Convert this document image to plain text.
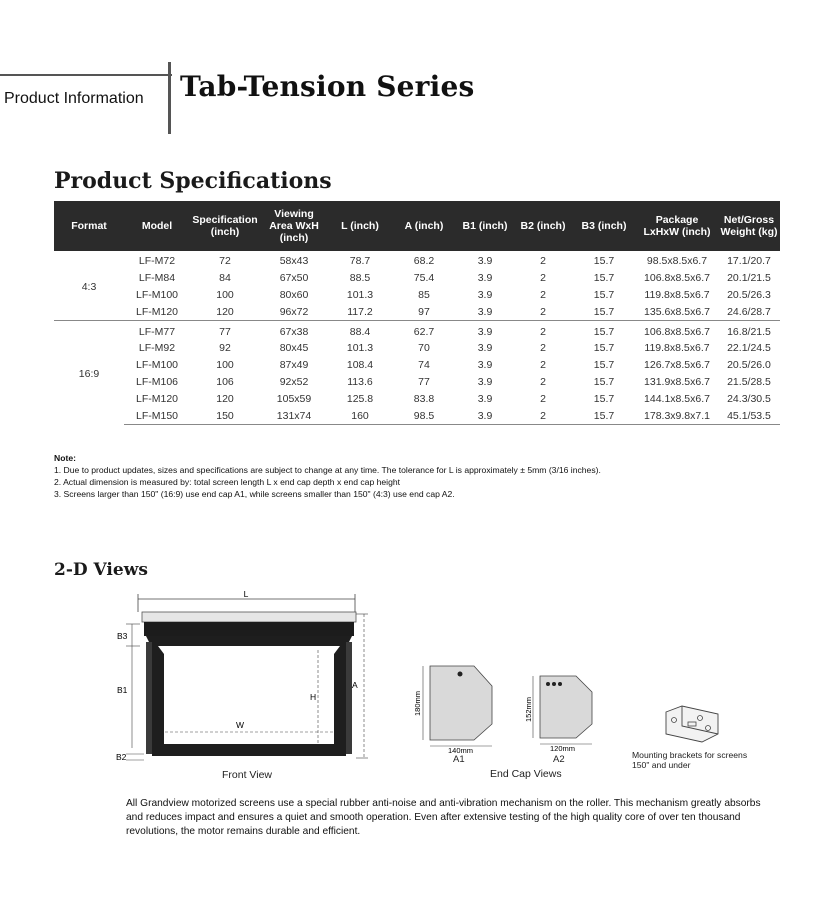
Product Information Tab-Tension Series
Product Specifications
Format	Model	Specification (inch)	Viewing Area WxH (inch)	L (inch)	A (inch)	B1 (inch)	B2 (inch)	B3 (inch)	Package LxHxW (inch)	Net/Gross Weight (kg)
4:3	LF-M72	72	58x43	78.7	68.2	3.9	2	15.7	98.5x8.5x6.7	17.1/20.7
	LF-M84	84	67x50	88.5	75.4	3.9	2	15.7	106.8x8.5x6.7	20.1/21.5
	LF-M100	100	80x60	101.3	85	3.9	2	15.7	119.8x8.5x6.7	20.5/26.3
	LF-M120	120	96x72	117.2	97	3.9	2	15.7	135.6x8.5x6.7	24.6/28.7
16:9	LF-M77	77	67x38	88.4	62.7	3.9	2	15.7	106.8x8.5x6.7	16.8/21.5
	LF-M92	92	80x45	101.3	70	3.9	2	15.7	119.8x8.5x6.7	22.1/24.5
	LF-M100	100	87x49	108.4	74	3.9	2	15.7	126.7x8.5x6.7	20.5/26.0
	LF-M106	106	92x52	113.6	77	3.9	2	15.7	131.9x8.5x6.7	21.5/28.5
	LF-M120	120	105x59	125.8	83.8	3.9	2	15.7	144.1x8.5x6.7	24.3/30.5
	LF-M150	150	131x74	160	98.5	3.9	2	15.7	178.3x9.8x7.1	45.1/53.5
Note:
1. Due to product updates, sizes and specifications are subject to change at any time. The tolerance for L is approximately ± 5mm (3/16 inches).
2. Actual dimension is measured by: total screen length L x end cap depth x end cap height
3. Screens larger than 150" (16:9) use end cap A1, while screens smaller than 150" (4:3) use end cap A2.
2-D Views
L
B3
B1
B2
W
H
A
Front View
180mm
140mm
A1
152mm
120mm
A2
End Cap Views
Mounting brackets for screens
150" and under
All Grandview motorized screens use a special rubber anti-noise and anti-vibration mechanism on the roller. This mechanism greatly absorbs and reduces impact and ensures a quiet and smooth operation. Even after extensive testing of the high quality core of over ten thousand revolutions, the motor remains durable and efficient.
